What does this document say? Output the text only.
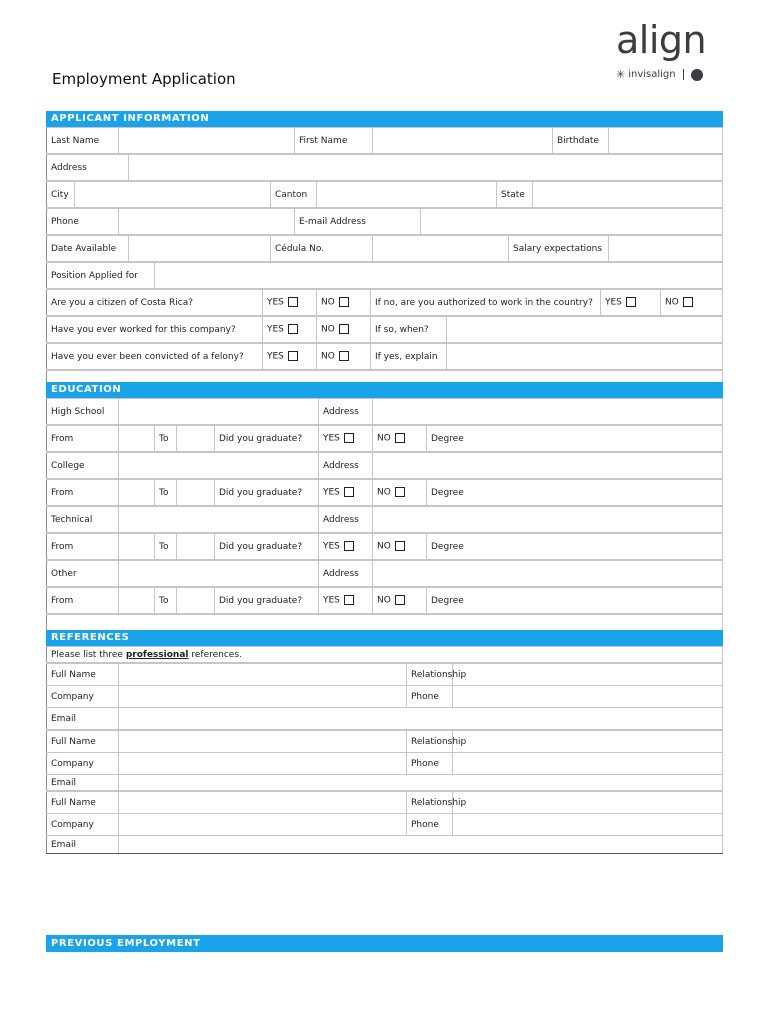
Employment Application
align
✳ invisalign
APPLICANT INFORMATION
Last Name		First Name		Birthdate	
Address	
City		Canton		State	
Phone		E-mail Address	
Date Available		Cédula No.		Salary expectations	
Position Applied for	
Are you a citizen of Costa Rica?	YES	NO	If no, are you authorized to work in the country?	YES	NO
Have you ever worked for this company?	YES	NO	If so, when?	
Have you ever been convicted of a felony?	YES	NO	If yes, explain	
EDUCATION
High School		Address	
From		To		Did you graduate?	YES	NO	Degree
College		Address	
From		To		Did you graduate?	YES	NO	Degree
Technical		Address	
From		To		Did you graduate?	YES	NO	Degree
Other		Address	
From		To		Did you graduate?	YES	NO	Degree
REFERENCES
Please list three professional references.
Full Name		Relationship	
Company		Phone	
Email			
Full Name		Relationship	
Company		Phone	
Email			
Full Name		Relationship	
Company		Phone	
Email			
PREVIOUS EMPLOYMENT
